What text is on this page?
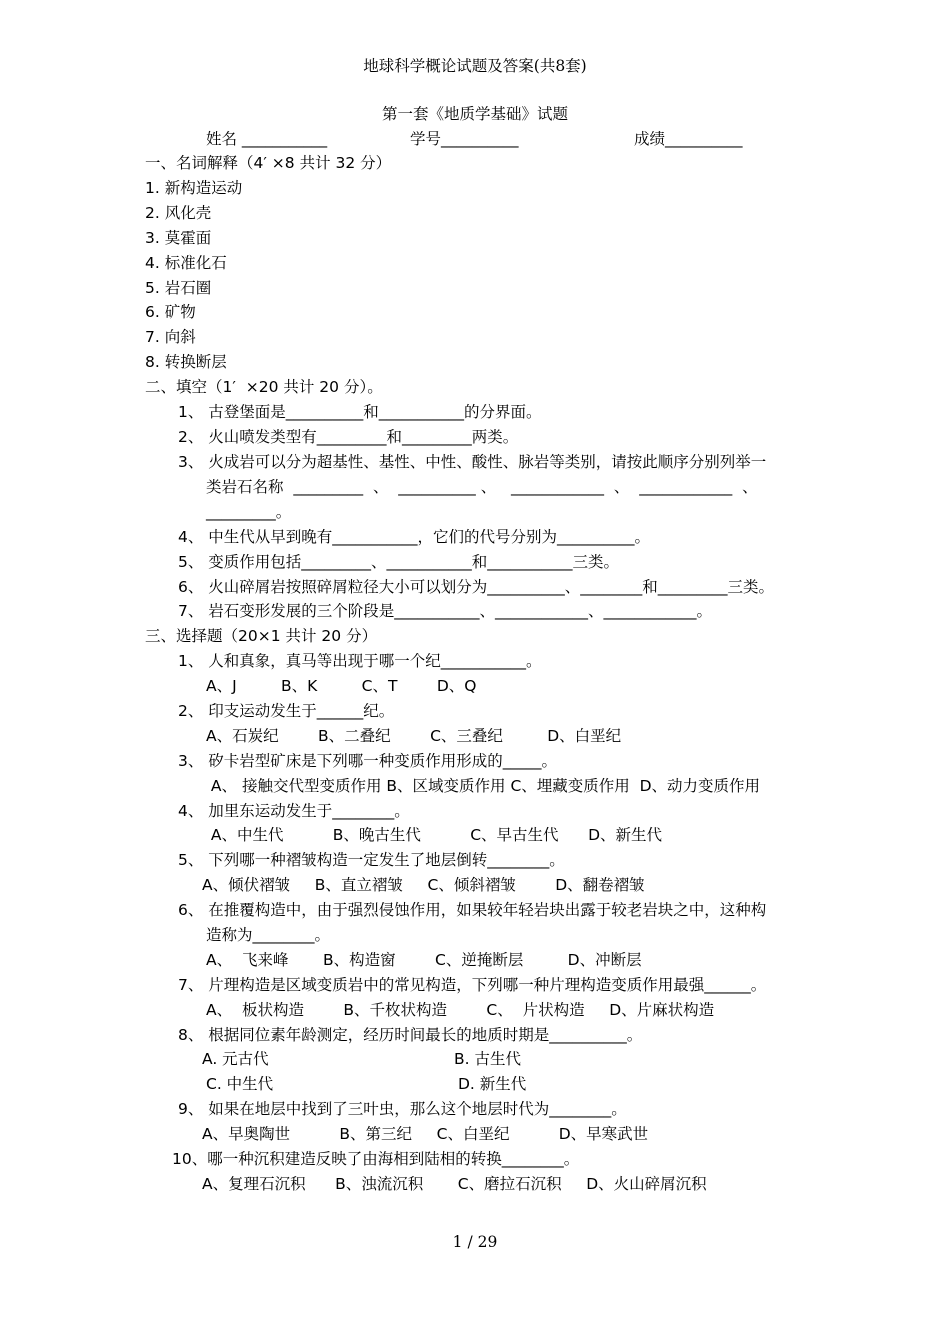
地球科学概论试题及答案(共8套)
第一套《地质学基础》试题
姓名 ___________	学号__________	成绩__________
一、名词解释（4′ ×8 共计 32 分）
1. 新构造运动
2. 风化壳
3. 莫霍面
4. 标准化石
5. 岩石圈
6. 矿物
7. 向斜
8. 转换断层
二、填空（1′  ×20 共计 20 分）。
1、 古登堡面是__________和___________的分界面。
2、 火山喷发类型有_________和_________两类。
3、 火成岩可以分为超基性、基性、中性、酸性、脉岩等类别，请按此顺序分别列举一
类岩石名称  _________  、  __________ 、   ____________  、  ____________  、
_________。
4、 中生代从早到晚有___________，它们的代号分别为__________。
5、 变质作用包括_________、___________和___________三类。
6、 火山碎屑岩按照碎屑粒径大小可以划分为__________、________和_________三类。
7、 岩石变形发展的三个阶段是___________、____________、____________。
三、选择题（20×1 共计 20 分）
1、 人和真象，真马等出现于哪一个纪___________。
A、J         B、K         C、T        D、Q
2、 印支运动发生于______纪。
A、石炭纪        B、二叠纪        C、三叠纪         D、白垩纪
3、 矽卡岩型矿床是下列哪一种变质作用形成的_____。
A、 接触交代型变质作用 B、区域变质作用 C、埋藏变质作用  D、动力变质作用
4、 加里东运动发生于________。
A、中生代          B、晚古生代          C、早古生代      D、新生代
5、 下列哪一种褶皱构造一定发生了地层倒转________。
A、倾伏褶皱     B、直立褶皱     C、倾斜褶皱        D、翻卷褶皱
6、 在推覆构造中，由于强烈侵蚀作用，如果较年轻岩块出露于较老岩块之中，这种构
造称为________。
A、  飞来峰       B、构造窗        C、逆掩断层         D、冲断层
7、 片理构造是区域变质岩中的常见构造，下列哪一种片理构造变质作用最强______。
A、  板状构造        B、千枚状构造        C、  片状构造     D、片麻状构造
8、 根据同位素年龄测定，经历时间最长的地质时期是__________。
A. 元古代	B. 古生代
C. 中生代	D. 新生代
9、 如果在地层中找到了三叶虫，那么这个地层时代为________。
A、早奥陶世          B、第三纪     C、白垩纪          D、早寒武世
10、哪一种沉积建造反映了由海相到陆相的转换________。
A、复理石沉积      B、浊流沉积       C、磨拉石沉积     D、火山碎屑沉积
1 / 29
